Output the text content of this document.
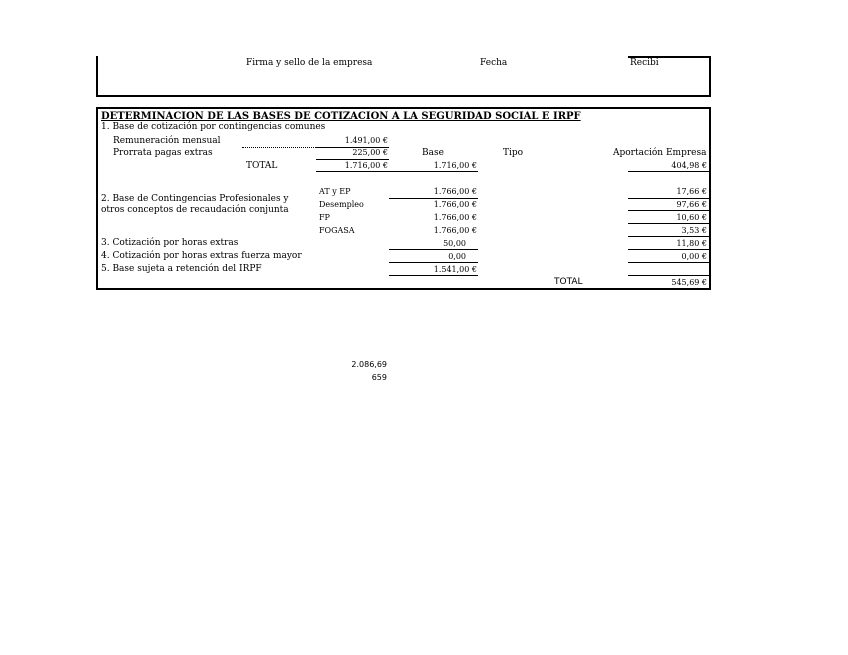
Firma y sello de la empresa	Fecha	Recibi
DETERMINACION DE LAS BASES DE COTIZACION A LA SEGURIDAD SOCIAL E IRPF
1. Base de cotización por contingencias comunes
Remuneración mensual	1.491,00 €
Prorrata pagas extras	225,00 €	Base	Tipo	Aportación Empresa
TOTAL	1.716,00 €	1.716,00 €	404,98 €
2. Base de Contingencias Profesionales y
otros conceptos de recaudación conjunta
AT y EP	1.766,00 €	17,66 €
Desempleo	1.766,00 €	97,66 €
FP	1.766,00 €	10,60 €
FOGASA	1.766,00 €	3,53 €
3. Cotización por horas extras	50,00	11,80 €
4. Cotización por horas extras fuerza mayor	0,00	0,00 €
5. Base sujeta a retención del IRPF	1.541,00 €
TOTAL	545,69 €
2.086,69
659
